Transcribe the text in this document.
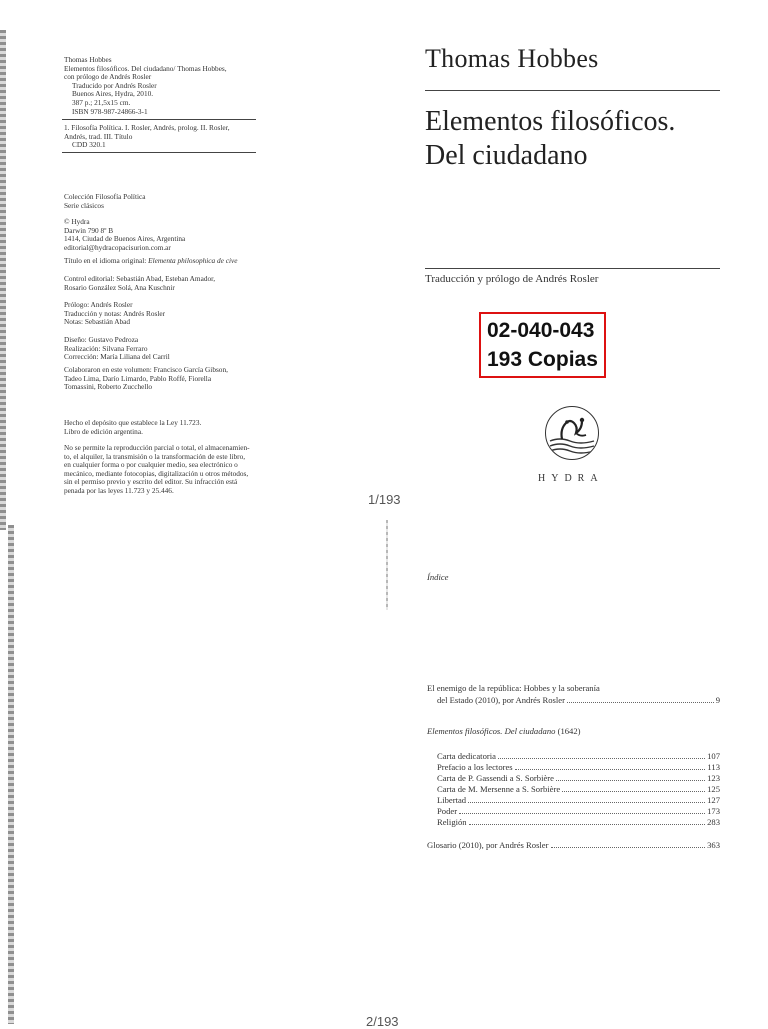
Thomas Hobbes

Elementos filosóficos. Del ciudadano/ Thomas Hobbes,

con prólogo de Andrés Rosler

Traducido por Andrés Rosler

Buenos Aires, Hydra, 2010.

387 p.; 21,5x15 cm.

ISBN 978-987-24866-3-1

1. Filosofía Política. I. Rosler, Andrés, prolog. II. Rosler,

Andrés, trad. III. Título

CDD 320.1

Colección Filosofía Política

Serie clásicos

© Hydra

Darwin 790 8º B

1414, Ciudad de Buenos Aires, Argentina

editorial@hydracopacisurion.com.ar

Título en el idioma original: Elementa philosophica de cive

Control editorial: Sebastián Abad, Esteban Amador,

Rosario González Solá, Ana Kuschnir

Prólogo: Andrés Rosler

Traducción y notas: Andrés Rosler

Notas: Sebastián Abad

Diseño: Gustavo Pedroza

Realización: Silvana Ferraro

Corrección: María Liliana del Carril

Colaboraron en este volumen: Francisco García Gibson,

Tadeo Lima, Darío Limardo, Pablo Roffé, Fiorella

Tomassini, Roberto Zucchello

Hecho el depósito que establece la Ley 11.723.

Libro de edición argentina.

No se permite la reproducción parcial o total, el almacenamien-

to, el alquiler, la transmisión o la transformación de este libro,

en cualquier forma o por cualquier medio, sea electrónico o

mecánico, mediante fotocopias, digitalización u otros métodos,

sin el permiso previo y escrito del editor. Su infracción está

penada por las leyes 11.723 y 25.446.

Thomas Hobbes
Elementos filosóficos.
Del ciudadano
Traducción y prólogo de Andrés Rosler
02-040-043
193 Copias
HYDRA
1/193
Índice
El enemigo de la república: Hobbes y la soberanía
del Estado (2010), por Andrés Rosler	9
Elementos filosóficos. Del ciudadano (1642)
Carta dedicatoria	107
Prefacio a los lectores	113
Carta de P. Gassendi a S. Sorbière	123
Carta de M. Mersenne a S. Sorbière	125
Libertad	127
Poder	173
Religión	283
Glosario (2010), por Andrés Rosler	363
2/193
